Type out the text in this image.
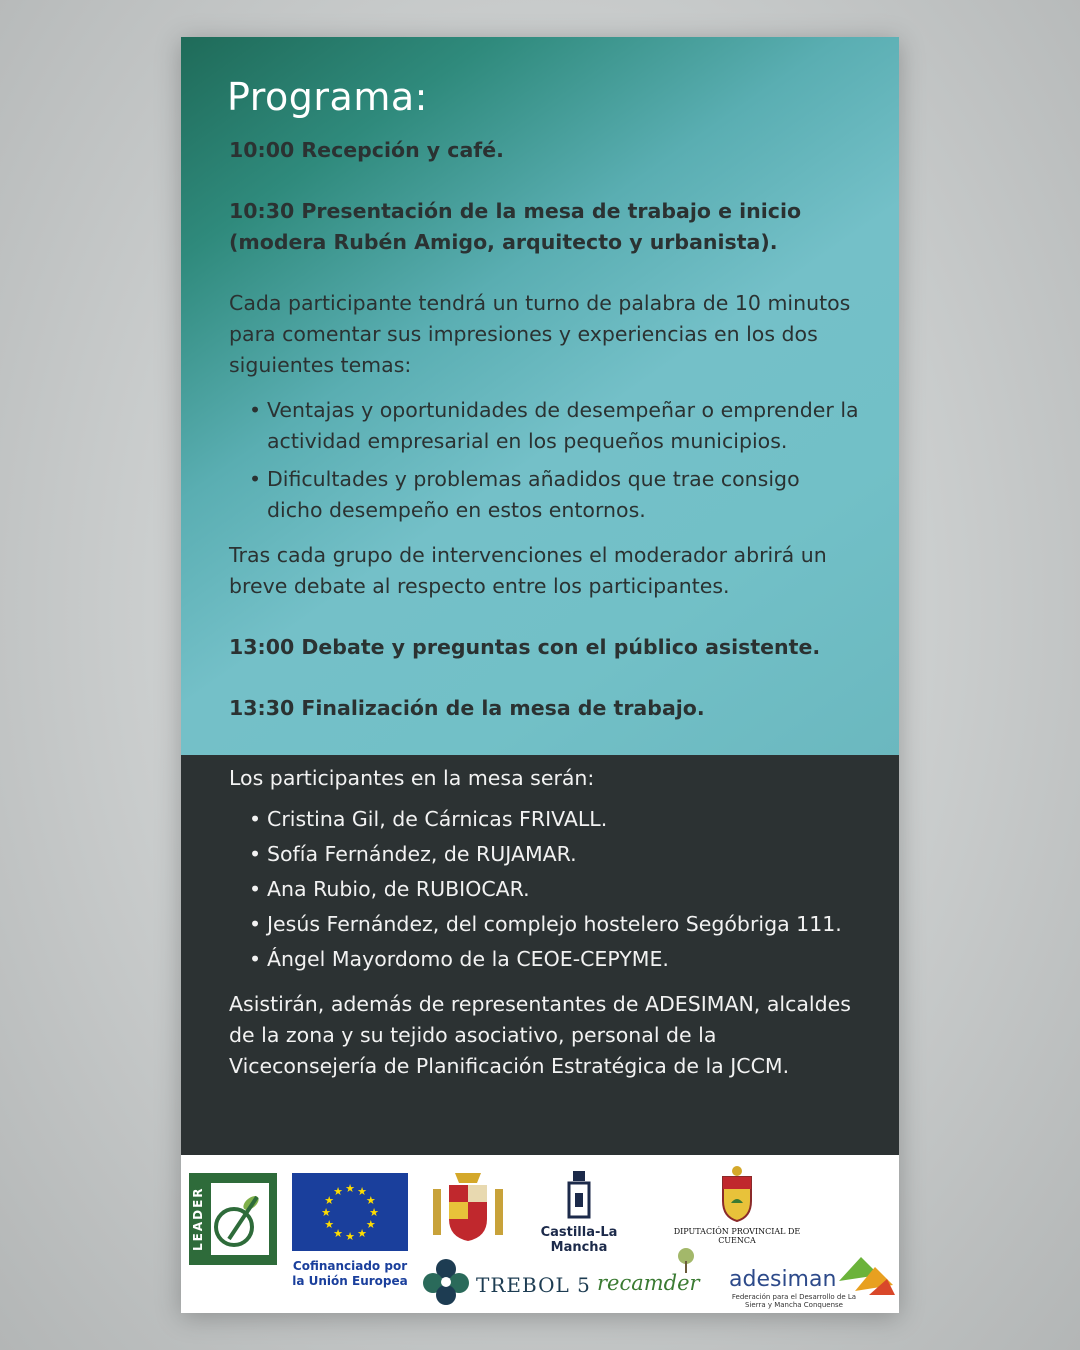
Programa:

10:00 Recepción y café.

10:30 Presentación de la mesa de trabajo e inicio (modera Rubén Amigo, arquitecto y urbanista).

Cada participante tendrá un turno de palabra de 10 minutos para comentar sus impresiones y experiencias en los dos siguientes temas:

• Ventajas y oportunidades de desempeñar o emprender la actividad empresarial en los pequeños municipios.
• Dificultades y problemas añadidos que trae consigo dicho desempeño en estos entornos.

Tras cada grupo de intervenciones el moderador abrirá un breve debate al respecto entre los participantes.

13:00 Debate y preguntas con el público asistente.

13:30 Finalización de la mesa de trabajo.

Los participantes en la mesa serán:

• Cristina Gil, de Cárnicas FRIVALL.
• Sofía Fernández, de RUJAMAR.
• Ana Rubio, de RUBIOCAR.
• Jesús Fernández, del complejo hostelero Segóbriga 111.
• Ángel Mayordomo de la CEOE-CEPYME.

Asistirán, además de representantes de ADESIMAN, alcaldes de la zona y su tejido asociativo, personal de la Viceconsejería de Planificación Estratégica de la JCCM.

LEADER	★ ★
★
★
★
★
★
★
★
★
★
★
Cofinanciado por la Unión Europea
Castilla-La Mancha
DIPUTACIÓN PROVINCIAL DE CUENCA
TREBOL 5 recamder adesiman
Federación para el Desarrollo de La Sierra y Mancha Conquense
